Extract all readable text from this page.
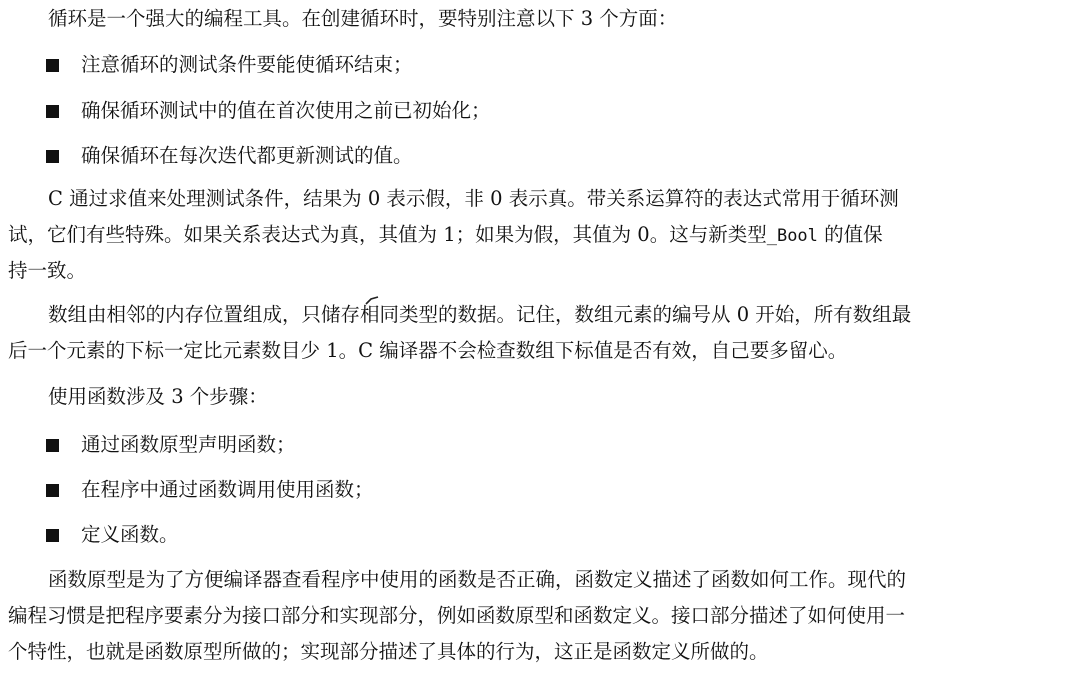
循环是一个强大的编程工具。在创建循环时，要特别注意以下 3 个方面：
注意循环的测试条件要能使循环结束；
确保循环测试中的值在首次使用之前已初始化；
确保循环在每次迭代都更新测试的值。
C 通过求值来处理测试条件，结果为 0 表示假，非 0 表示真。带关系运算符的表达式常用于循环测
试，它们有些特殊。如果关系表达式为真，其值为 1；如果为假，其值为 0。这与新类型_Bool 的值保
持一致。
数组由相邻的内存位置组成，只储存相同类型的数据。记住，数组元素的编号从 0 开始，所有数组最
后一个元素的下标一定比元素数目少 1。C 编译器不会检查数组下标值是否有效，自己要多留心。
使用函数涉及 3 个步骤：
通过函数原型声明函数；
在程序中通过函数调用使用函数；
定义函数。
函数原型是为了方便编译器查看程序中使用的函数是否正确，函数定义描述了函数如何工作。现代的
编程习惯是把程序要素分为接口部分和实现部分，例如函数原型和函数定义。接口部分描述了如何使用一
个特性，也就是函数原型所做的；实现部分描述了具体的行为，这正是函数定义所做的。
